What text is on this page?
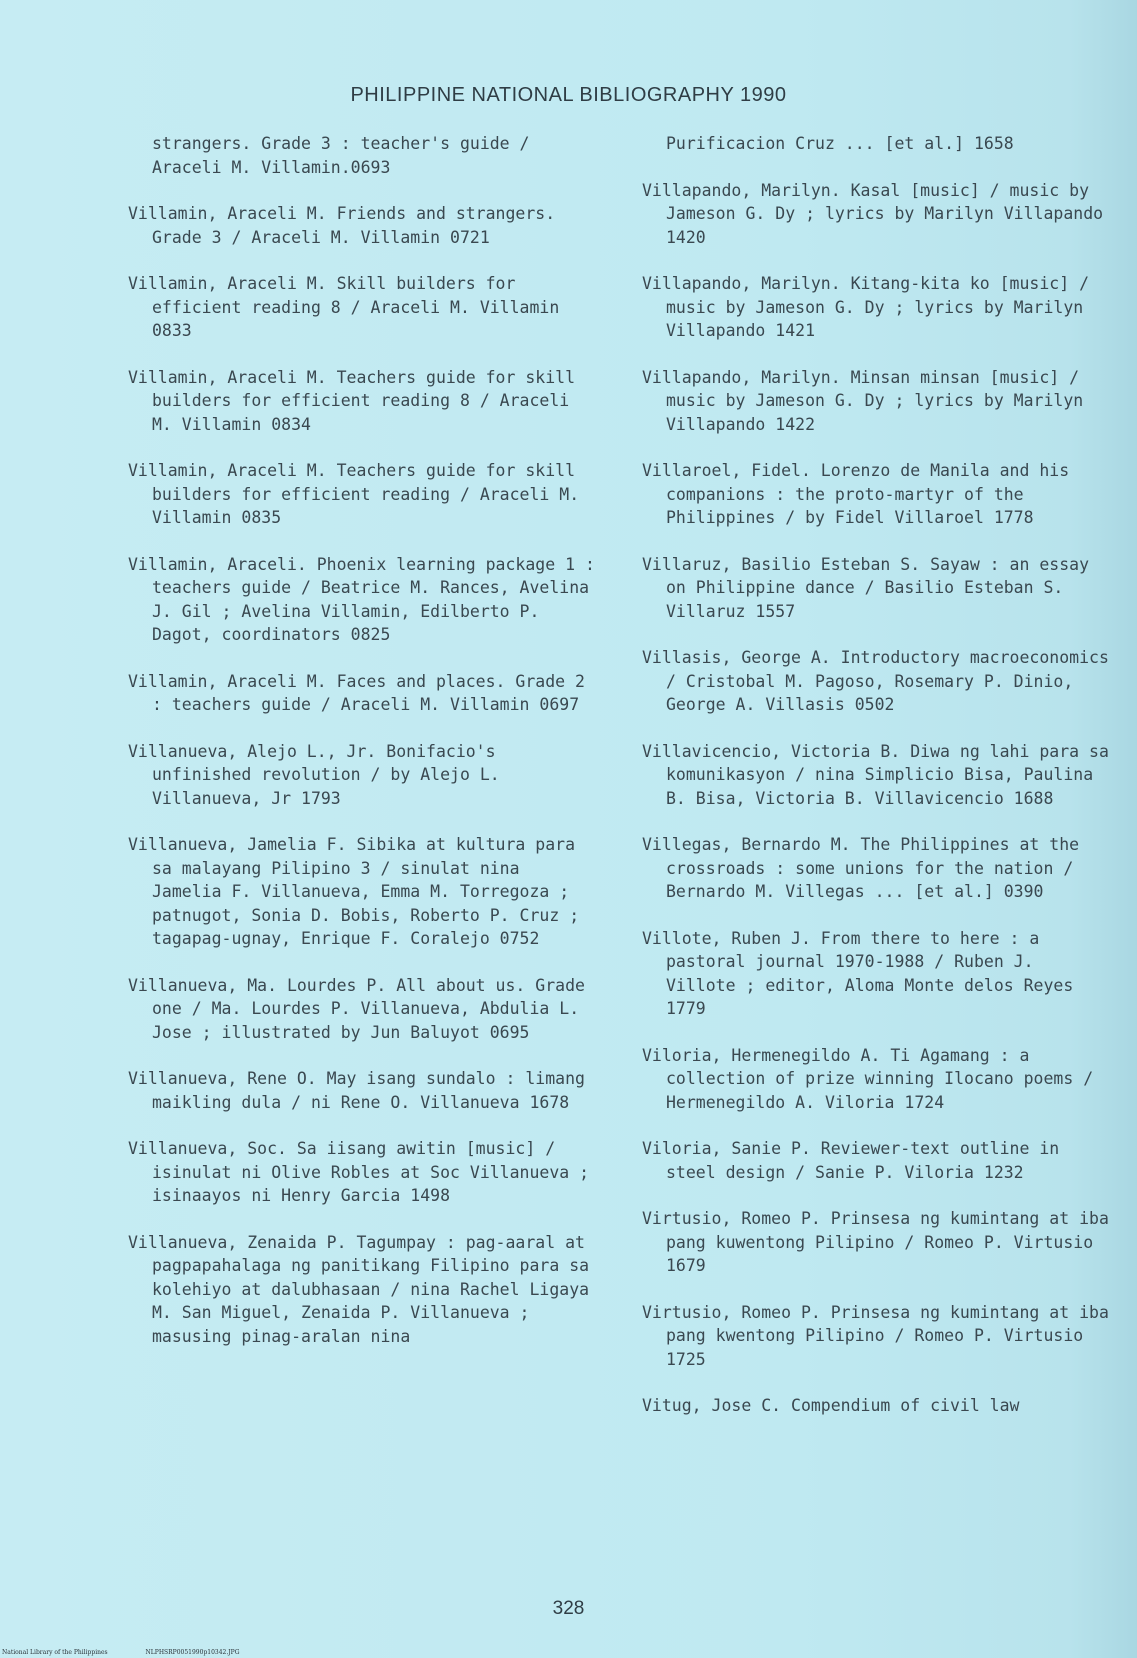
PHILIPPINE NATIONAL BIBLIOGRAPHY 1990
strangers. Grade 3 : teacher's guide / Araceli M. Villamin.0693
Villamin, Araceli M. Friends and strangers. Grade 3 / Araceli M. Villamin 0721
Villamin, Araceli M. Skill builders for efficient reading 8 / Araceli M. Villamin 0833
Villamin, Araceli M. Teachers guide for skill builders for efficient reading 8 / Araceli M. Villamin 0834
Villamin, Araceli M. Teachers guide for skill builders for efficient reading / Araceli M. Villamin 0835
Villamin, Araceli. Phoenix learning package 1 : teachers guide / Beatrice M. Rances, Avelina J. Gil ; Avelina Villamin, Edilberto P. Dagot, coordinators 0825
Villamin, Araceli M. Faces and places. Grade 2 : teachers guide / Araceli M. Villamin 0697
Villanueva, Alejo L., Jr. Bonifacio's unfinished revolution / by Alejo L. Villanueva, Jr 1793
Villanueva, Jamelia F. Sibika at kultura para sa malayang Pilipino 3 / sinulat nina Jamelia F. Villanueva, Emma M. Torregoza ; patnugot, Sonia D. Bobis, Roberto P. Cruz ; tagapag-ugnay, Enrique F. Coralejo 0752
Villanueva, Ma. Lourdes P. All about us. Grade one / Ma. Lourdes P. Villanueva, Abdulia L. Jose ; illustrated by Jun Baluyot 0695
Villanueva, Rene O. May isang sundalo : limang maikling dula / ni Rene O. Villanueva 1678
Villanueva, Soc. Sa iisang awitin [music] / isinulat ni Olive Robles at Soc Villanueva ; isinaayos ni Henry Garcia 1498
Villanueva, Zenaida P. Tagumpay : pag-aaral at pagpapahalaga ng panitikang Filipino para sa kolehiyo at dalubhasaan / nina Rachel Ligaya M. San Miguel, Zenaida P. Villanueva ; masusing pinag-aralan nina
Purificacion Cruz ... [et al.] 1658
Villapando, Marilyn. Kasal [music] / music by Jameson G. Dy ; lyrics by Marilyn Villapando 1420
Villapando, Marilyn. Kitang-kita ko [music] / music by Jameson G. Dy ; lyrics by Marilyn Villapando 1421
Villapando, Marilyn. Minsan minsan [music] / music by Jameson G. Dy ; lyrics by Marilyn Villapando 1422
Villaroel, Fidel. Lorenzo de Manila and his companions : the proto-martyr of the Philippines / by Fidel Villaroel 1778
Villaruz, Basilio Esteban S. Sayaw : an essay on Philippine dance / Basilio Esteban S. Villaruz 1557
Villasis, George A. Introductory macroeconomics / Cristobal M. Pagoso, Rosemary P. Dinio, George A. Villasis 0502
Villavicencio, Victoria B. Diwa ng lahi para sa komunikasyon / nina Simplicio Bisa, Paulina B. Bisa, Victoria B. Villavicencio 1688
Villegas, Bernardo M. The Philippines at the crossroads : some unions for the nation / Bernardo M. Villegas ... [et al.] 0390
Villote, Ruben J. From there to here : a pastoral journal 1970-1988 / Ruben J. Villote ; editor, Aloma Monte delos Reyes 1779
Viloria, Hermenegildo A. Ti Agamang : a collection of prize winning Ilocano poems / Hermenegildo A. Viloria 1724
Viloria, Sanie P. Reviewer-text outline in steel design / Sanie P. Viloria 1232
Virtusio, Romeo P. Prinsesa ng kumintang at iba pang kuwentong Pilipino / Romeo P. Virtusio 1679
Virtusio, Romeo P. Prinsesa ng kumintang at iba pang kwentong Pilipino / Romeo P. Virtusio 1725
Vitug, Jose C. Compendium of civil law
328
National Library of the Philippines	NLPHSRP0051990p10342.JPG
